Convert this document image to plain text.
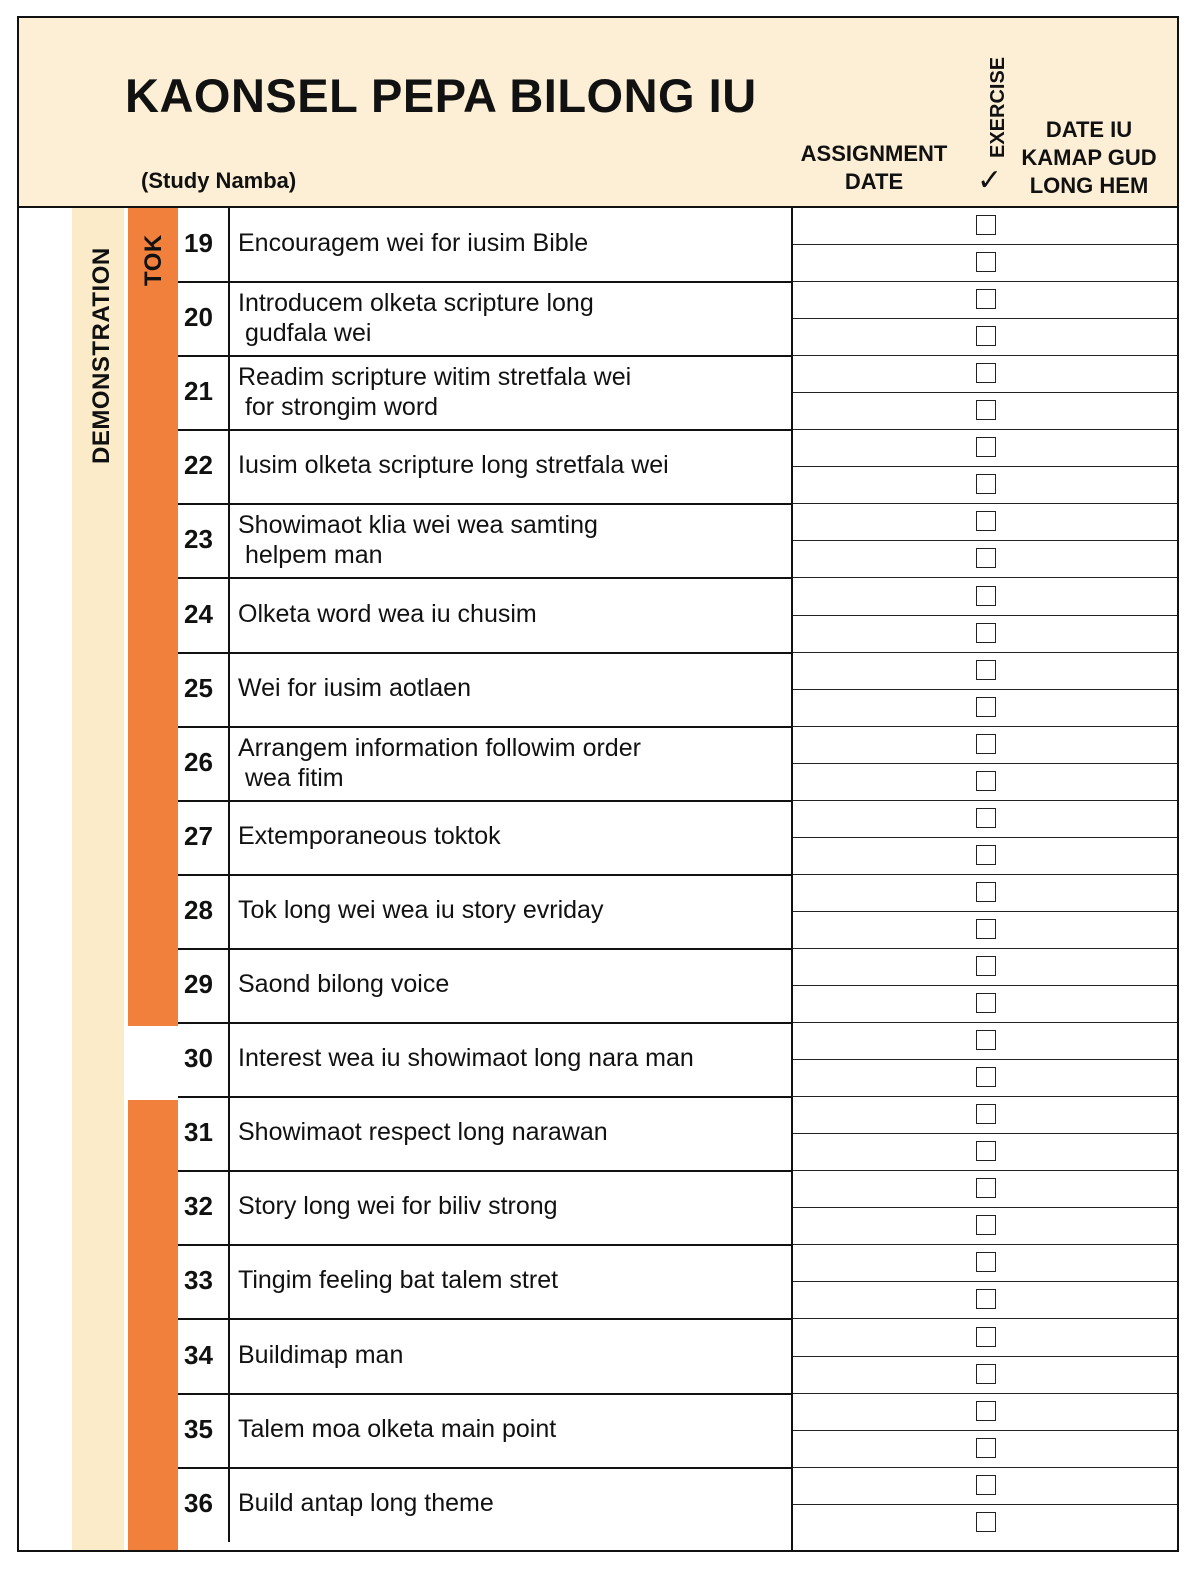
KAONSEL PEPA BILONG IU
(Study Namba)
ASSIGNMENT DATE
EXERCISE
✓
DATE IU KAMAP GUD LONG HEM
DEMONSTRATION TOK 19 Encouragem wei for iusim Bible
20 Introducem olketa scripture long
gudfala wei
21 Readim scripture witim stretfala wei
for strongim word
22 Iusim olketa scripture long stretfala wei
23 Showimaot klia wei wea samting
helpem man
24 Olketa word wea iu chusim
25 Wei for iusim aotlaen
26 Arrangem information followim order
wea fitim
27 Extemporaneous toktok
28 Tok long wei wea iu story evriday
29 Saond bilong voice
30 Interest wea iu showimaot long nara man
31 Showimaot respect long narawan
32 Story long wei for biliv strong
33 Tingim feeling bat talem stret
34 Buildimap man
35 Talem moa olketa main point
36 Build antap long theme
